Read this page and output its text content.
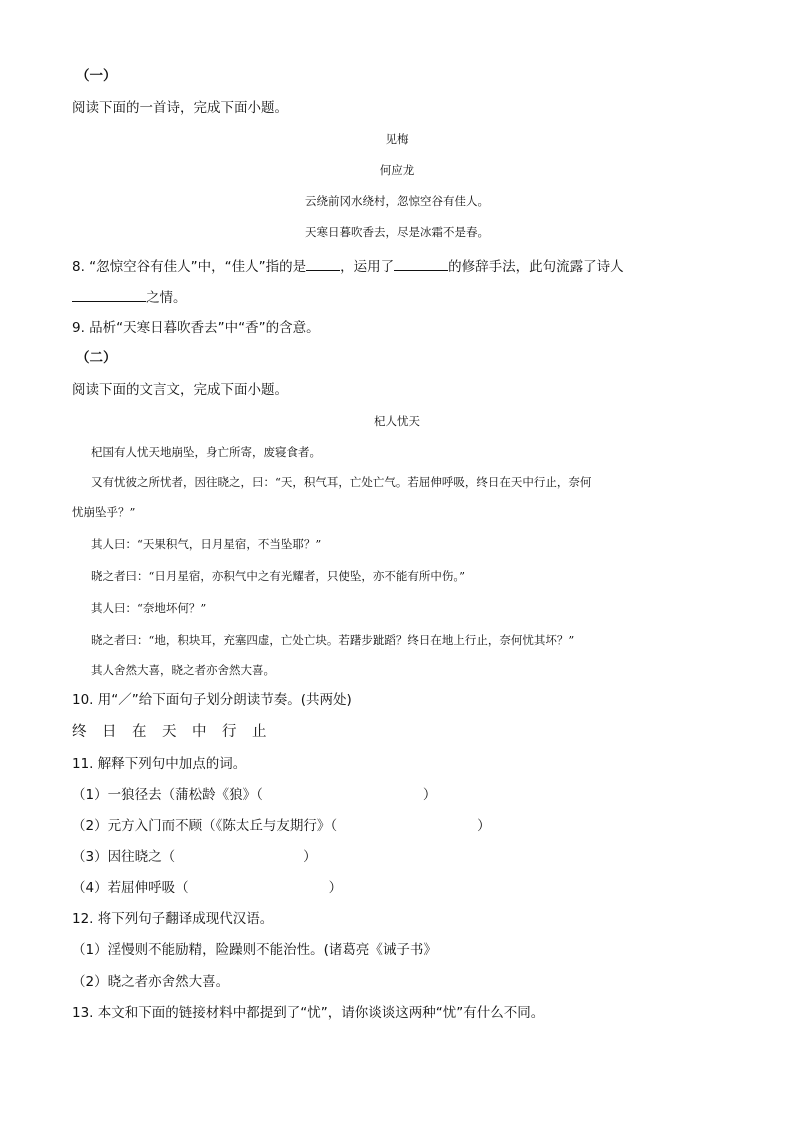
（一）
阅读下面的一首诗，完成下面小题。
见梅
何应龙
云绕前冈水绕村，忽惊空谷有佳人。
天寒日暮吹香去，尽是冰霜不是春。
8. “忽惊空谷有佳人”中，“佳人”指的是	，运用了	的修辞手法，此句流露了诗人
之情。
9. 品析“天寒日暮吹香去”中“香”的含意。
（二）
阅读下面的文言文，完成下面小题。
杞人忧天
杞国有人忧天地崩坠，身亡所寄，废寝食者。
又有忧彼之所忧者，因往晓之，曰：“天，积气耳，亡处亡气。若屈伸呼吸，终日在天中行止，奈何
忧崩坠乎？”
其人曰：“天果积气，日月星宿，不当坠耶？”
晓之者曰：“日月星宿，亦积气中之有光耀者，只使坠，亦不能有所中伤。”
其人曰：“奈地坏何？”
晓之者曰：“地，积块耳，充塞四虚，亡处亡块。若躇步跐蹈？终日在地上行止，奈何忧其坏？”
其人舍然大喜，晓之者亦舍然大喜。
10. 用“／”给下面句子划分朗读节奏。(共两处)
终 日 在 天 中 行 止
11. 解释下列句中加点的词。
（1）一狼径去（蒲松龄《狼》（	）
（2）元方入门而不顾（《陈太丘与友期行》（	）
（3）因往晓之（	）
（4）若屈伸呼吸（	）
12. 将下列句子翻译成现代汉语。
（1）淫慢则不能励精，险躁则不能治性。(诸葛亮《诫子书》
（2）晓之者亦舍然大喜。
13. 本文和下面的链接材料中都提到了“忧”，请你谈谈这两种“忧”有什么不同。
